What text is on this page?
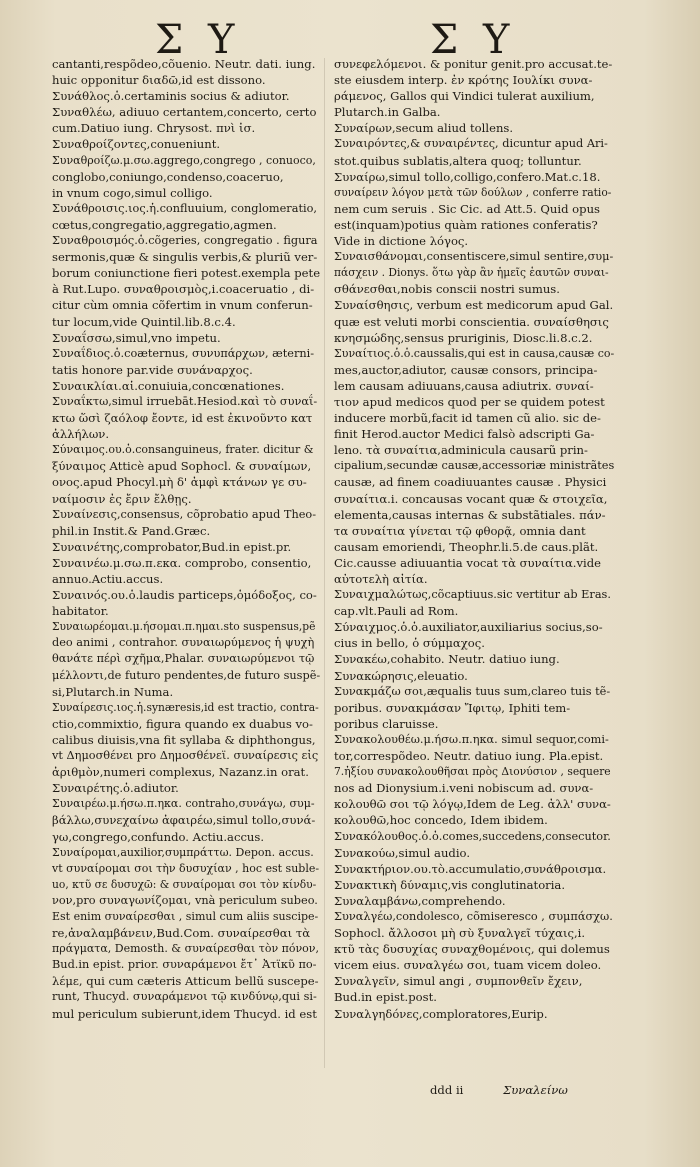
Σ Υ	Σ Υ
cantanti,respõdeo,cõuenio. Neutr. dati. iung.
huic opponitur διαδῶ,id est dissono.
Συνάθλος.ὁ.certaminis socius & adiutor.
Συναθλέω, adiuuo certantem,concerto, certo
cum.Datiuo iung. Chrysost. πνὶ ἰσ.
Συναθροίζοντες,conueniunt.
Συναθροίζω.μ.σω.aggrego,congrego , conuoco,
conglobo,coniungo,condenso,coaceruo,
in vnum cogo,simul colligo.
Συνάθροισις.ιος.ἡ.confluuium, conglomeratio,
cœtus,congregatio,aggregatio,agmen.
Συναθροισμός.ὁ.cõgeries, congregatio . figura
sermonis,quæ & singulis verbis,& pluriũ ver-
borum coniunctione fieri potest.exempla pete
à Rut.Lupo. συναθροισμὸς,i.coaceruatio , di-
citur cùm omnia cõfertim in vnum conferun-
tur locum,vide Quintil.lib.8.c.4.
Συναΐσσω,simul,vno impetu.
Συναΐδιος.ὁ.coæternus, συνυπάρχων, æterni-
tatis honore par.vide συνάναρχος.
Συναικλίαι.αἱ.conuiuia,concœnationes.
Συναΐκτω,simul irruebāt.Hesiod.καὶ τὸ συναΐ-
κτω ὥσὶ ζαόλοφ ἔοντε, id est ἐκινοῦντο κατ
ἀλλήλων.
Σύναιμος.ου.ὁ.consanguineus, frater. dicitur &
ξύναιμος Atticè apud Sophocl. & συναίμων,
ονος.apud Phocyl.μὴ δ' ἀμφὶ κτάνων γε συ-
ναίμοσιν ἐς ἔριν ἔλθῃς.
Συναίνεσις,consensus, cõprobatio apud Theo-
phil.in Instit.& Pand.Græc.
Συναινέτης,comprobator,Bud.in epist.pr.
Συναινέω.μ.σω.π.εκα. comprobo, consentio,
annuo.Actiu.accus.
Συναινός.ου.ὁ.laudis particeps,ὁμόδοξος, co-
habitator.
Συναιωρέομαι.μ.ήσομαι.π.ημαι.sto suspensus,pẽ
deo animi , contrahor. συναιωρύμενος ἡ ψυχὴ
θανάτε πέρὶ σχῆμα,Phalar. συναιωρύμενοι τῷ
μέλλοντι,de futuro pendentes,de futuro suspẽ-
si,Plutarch.in Numa.
Συναίρεσις.ιος.ἡ.synæresis,id est tractio, contra-
ctio,commixtio, figura quando ex duabus vo-
calibus diuisis,vna fit syllaba & diphthongus,
vt Δημοσθένει pro Δημοσθένεϊ. συναίρεσις εἰς
ἀριθμὸν,numeri complexus, Nazanz.in orat.
Συναιρέτης.ὁ.adiutor.
Συναιρέω.μ.ήσω.π.ηκα. contraho,συνάγω, συμ-
βάλλω,συνεχαίνω ἀφαιρέω,simul tollo,συνά-
γω,congrego,confundo. Actiu.accus.
Συναίρομαι,auxilior,συμπράττω. Depon. accus.
vt συναίρομαι σοι τὴν δυσυχίαν , hoc est suble-
uo, κτῦ σε δυσυχῶ: & συναίρομαι σοι τὸν κίνδυ-
νον,pro συναγωνίζομαι, vnà periculum subeo.
Est enim συναίρεσθαι , simul cum aliis suscipe-
re,ἀναλαμβάνειν,Bud.Com. συναίρεσθαι τὰ
πράγματα, Demosth. & συναίρεσθαι τὸν πόνον,
Bud.in epist. prior. συναράμενοι ἔτ᾽ Ἀτϊκῦ πο-
λέμε, qui cum cæteris Atticum bellũ suscepe-
runt, Thucyd. συναράμενοι τῷ κινδύνῳ,qui si-
mul periculum subierunt,idem Thucyd. id est
συνεφελόμενοι. & ponitur genit.pro accusat.te-
ste eiusdem interp. ἐν κρότης Ιουλίκι συνα-
ράμενος, Gallos qui Vindici tulerat auxilium,
Plutarch.in Galba.
Συναίρων,secum aliud tollens.
Συναιρόντες,& συναιρέντες, dicuntur apud Ari-
stot.quibus sublatis,altera quoq; tolluntur.
Συναίρω,simul tollo,colligo,confero.Mat.c.18.
συναίρειν λόγον μετὰ τῶν δούλων , conferre ratio-
nem cum seruis . Sic Cic. ad Att.5. Quid opus
est(inquam)potius quàm rationes conferatis?
Vide in dictione λόγος.
Συναισθάνομαι,consentiscere,simul sentire,συμ-
πάσχειν . Dionys. ὅτω γὰρ ἂν ἡμεῖς ἑαυτῶν συναι-
σθάνεσθαι,nobis conscii nostri sumus.
Συναίσθησις, verbum est medicorum apud Gal.
quæ est veluti morbi conscientia. συναίσθησις
κνησμώδης,sensus pruriginis, Diosc.li.8.c.2.
Συναίτιος.ὁ.ὁ.caussalis,qui est in causa,causæ co-
mes,auctor,adiutor, causæ consors, principa-
lem causam adiuuans,causa adiutrix. συναί-
τιον apud medicos quod per se quidem potest
inducere morbũ,facit id tamen cũ alio. sic de-
finit Herod.auctor Medici falsò adscripti Ga-
leno. τὰ συναίτια,adminicula causarũ prin-
cipalium,secundæ causæ,accessoriæ ministrãtes
causæ, ad finem coadiuuantes causæ . Physici
συναίτια.i. concausas vocant quæ & στοιχεῖα,
elementa,causas internas & substãtiales. πάν-
τα συναίτια γίνεται τῷ φθορᾷ, omnia dant
causam emoriendi, Theophr.li.5.de caus.plãt.
Cic.causse adiuuantia vocat τὰ συναίτια.vide
αὐτοτελὴ αἰτία.
Συναιχμαλώτως,cõcaptiuus.sic vertitur ab Eras.
cap.vlt.Pauli ad Rom.
Σύναιχμος.ὁ.ὁ.auxiliator,auxiliarius socius,so-
cius in bello, ὁ σύμμαχος.
Συνακέω,cohabito. Neutr. datiuo iung.
Συνακώρησις,eleuatio.
Συνακμάζω σοι,æqualis tuus sum,clareo tuis tẽ-
poribus. συνακμάσαν Ἴφιτῳ, Iphiti tem-
poribus claruisse.
Συνακολουθέω.μ.ήσω.π.ηκα. simul sequor,comi-
tor,correspõdeo. Neutr. datiuo iung. Pla.epist.
7.ἠξίου συνακολουθῆσαι πρὸς Διονύσιον , sequere
nos ad Dionysium.i.veni nobiscum ad. συνα-
κολουθῶ σοι τῷ λόγῳ,Idem de Leg. ἀλλ' συνα-
κολουθῶ,hoc concedo, Idem ibidem.
Συνακόλουθος.ὁ.ὁ.comes,succedens,consecutor.
Συνακούω,simul audio.
Συνακτήριον.ου.τὸ.accumulatio,συνάθροισμα.
Συνακτικὴ δύναμις,vis conglutinatoria.
Συναλαμβάνω,comprehendo.
Συναλγέω,condolesco, cõmiseresco , συμπάσχω.
Sophocl. ἄλλοσοι μὴ σὺ ξυναλγεῖ τύχαις,i.
κτῦ τὰς δυσυχίας συναχθομένοις, qui dolemus
vicem eius. συναλγέω σοι, tuam vicem doleo.
Συναλγεῖν, simul angi , συμπονθεῖν ἔχειν,
Bud.in epist.post.
Συναλγηδόνες,comploratores,Eurip.
ddd ii	Συναλείνω
